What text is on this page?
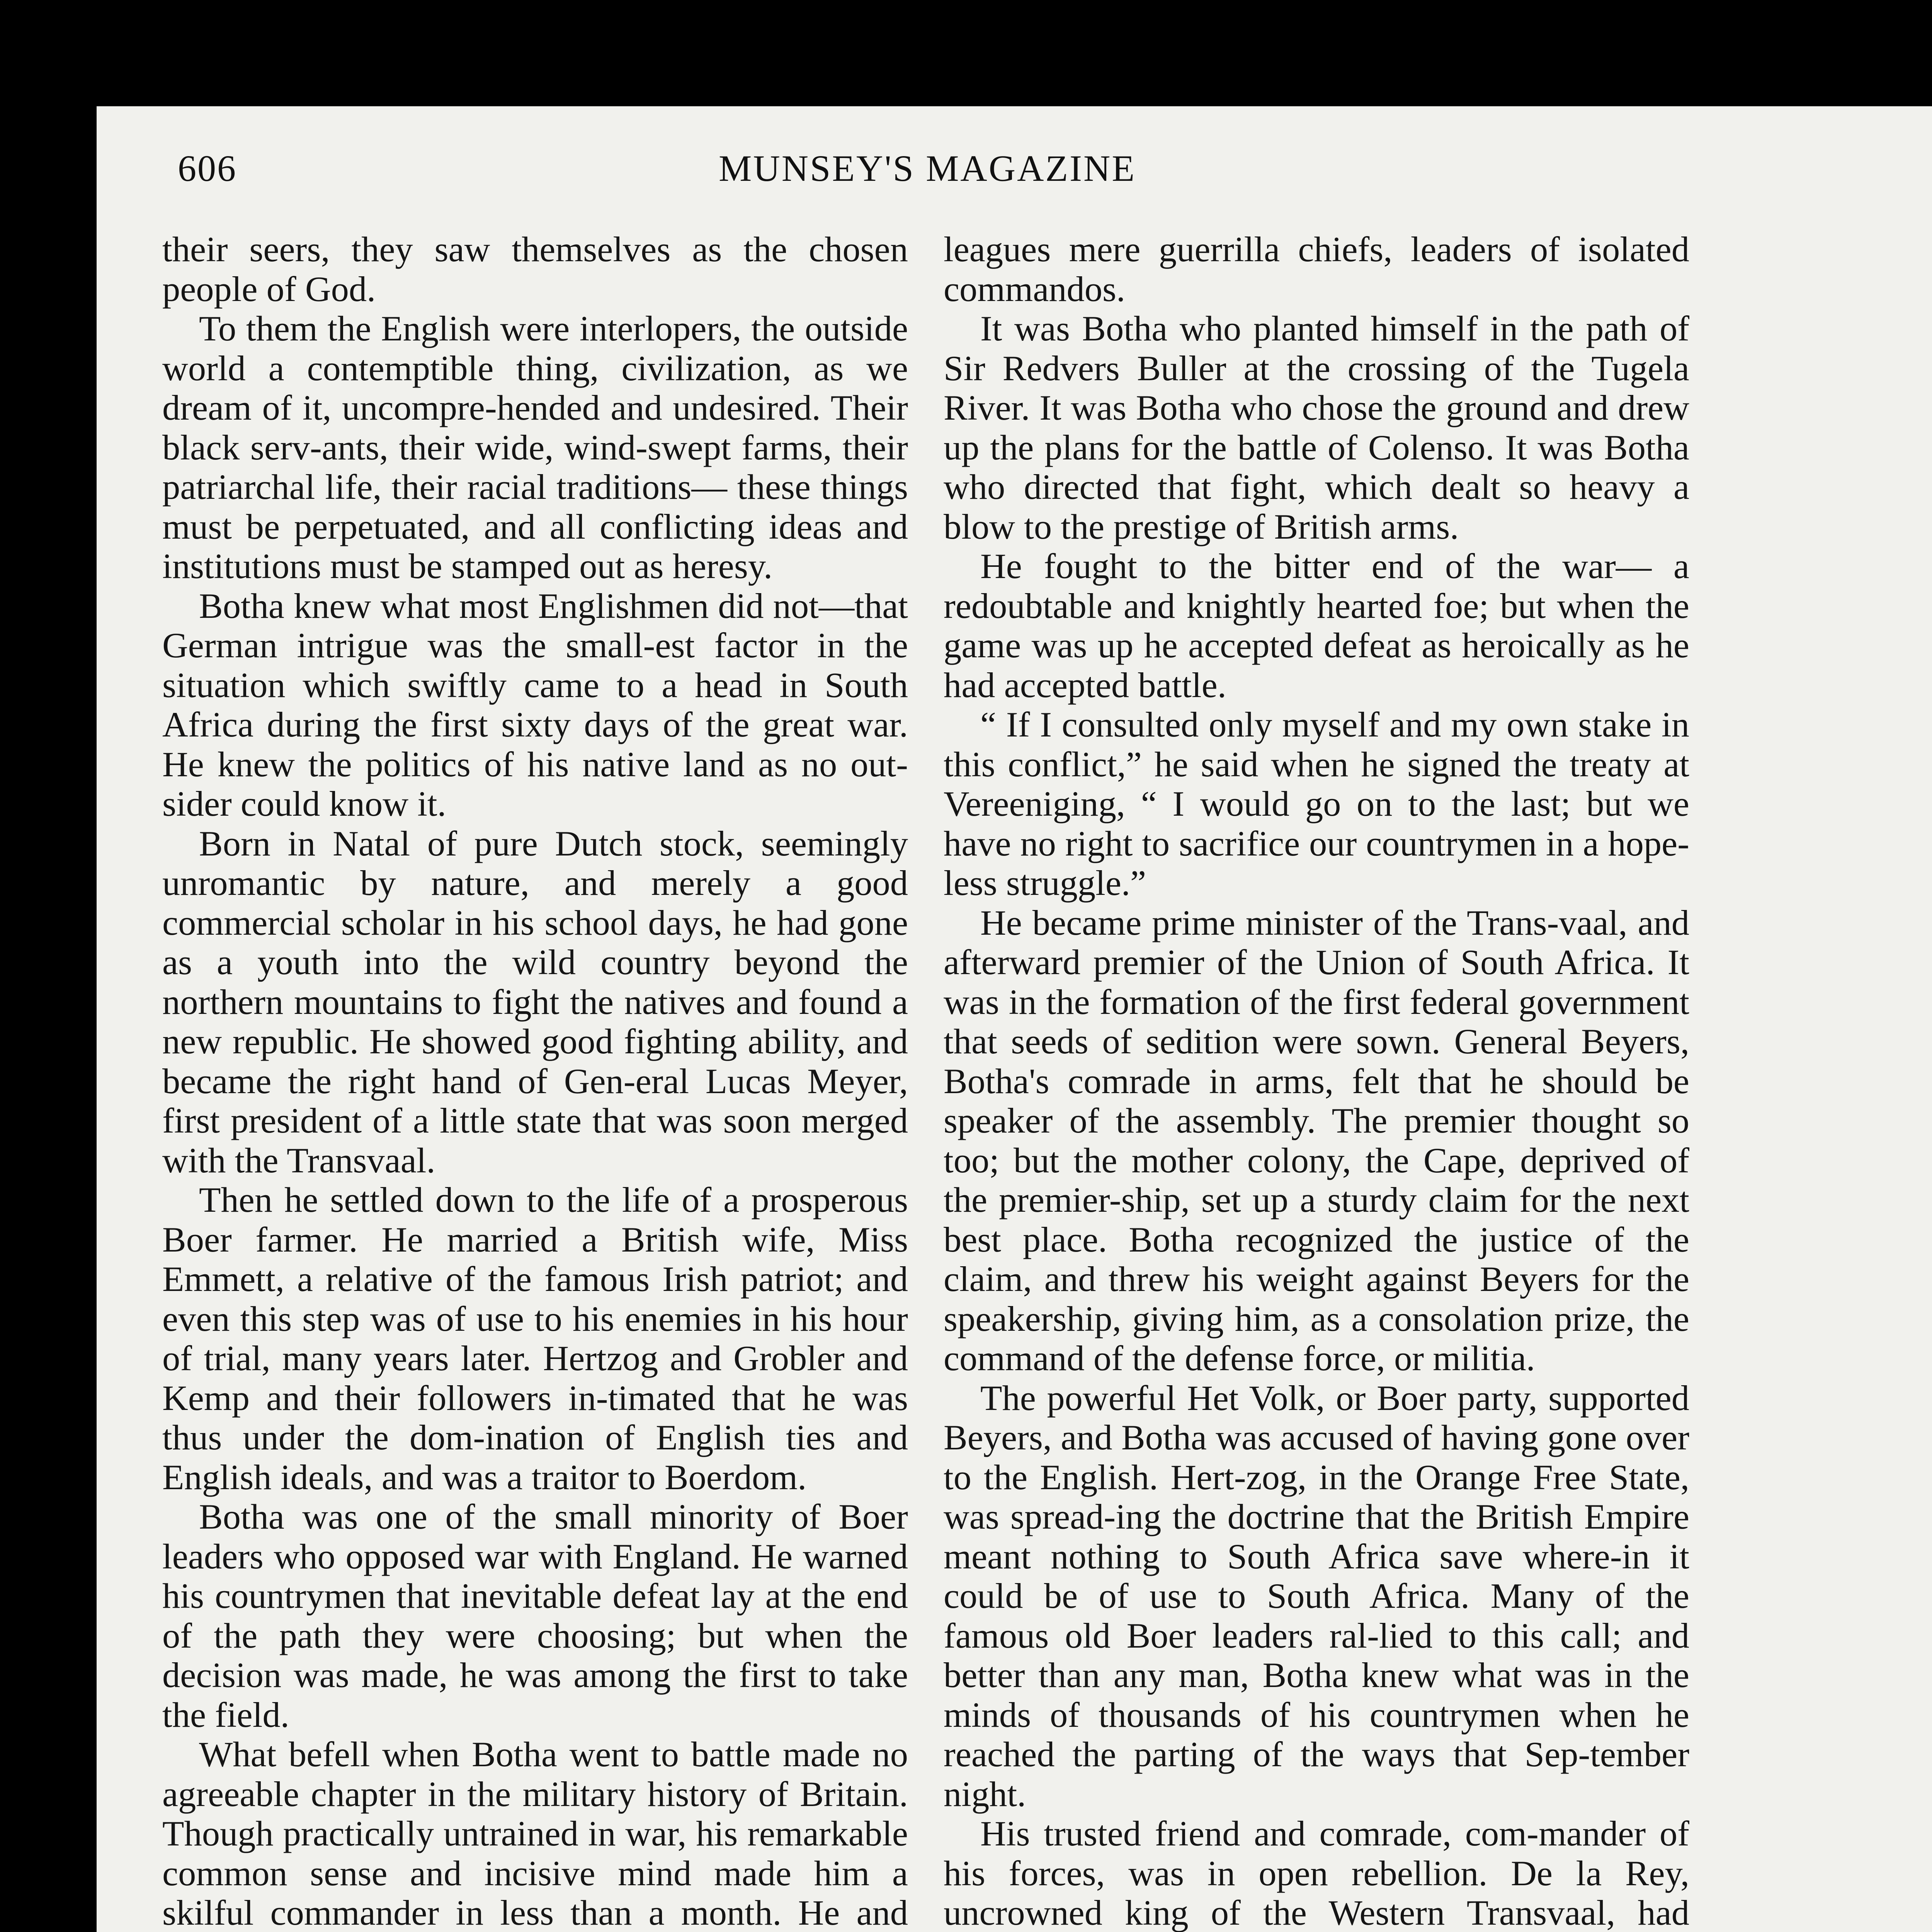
606	MUNSEY'S MAGAZINE

their seers, they saw themselves as the chosen people of God.

To them the English were interlopers, the outside world a contemptible thing, civilization, as we dream of it, uncompre-hended and undesired. Their black serv-ants, their wide, wind-swept farms, their patriarchal life, their racial traditions— these things must be perpetuated, and all conflicting ideas and institutions must be stamped out as heresy.

Botha knew what most Englishmen did not—that German intrigue was the small-est factor in the situation which swiftly came to a head in South Africa during the first sixty days of the great war. He knew the politics of his native land as no out-sider could know it.

Born in Natal of pure Dutch stock, seemingly unromantic by nature, and merely a good commercial scholar in his school days, he had gone as a youth into the wild country beyond the northern mountains to fight the natives and found a new republic. He showed good fighting ability, and became the right hand of Gen-eral Lucas Meyer, first president of a little state that was soon merged with the Transvaal.

Then he settled down to the life of a prosperous Boer farmer. He married a British wife, Miss Emmett, a relative of the famous Irish patriot; and even this step was of use to his enemies in his hour of trial, many years later. Hertzog and Grobler and Kemp and their followers in-timated that he was thus under the dom-ination of English ties and English ideals, and was a traitor to Boerdom.

Botha was one of the small minority of Boer leaders who opposed war with England. He warned his countrymen that inevitable defeat lay at the end of the path they were choosing; but when the decision was made, he was among the first to take the field.

What befell when Botha went to battle made no agreeable chapter in the military history of Britain. Though practically untrained in war, his remarkable common sense and incisive mind made him a skilful commander in less than a month. He and

leagues mere guerrilla chiefs, leaders of isolated commandos.

It was Botha who planted himself in the path of Sir Redvers Buller at the crossing of the Tugela River. It was Botha who chose the ground and drew up the plans for the battle of Colenso. It was Botha who directed that fight, which dealt so heavy a blow to the prestige of British arms.

He fought to the bitter end of the war— a redoubtable and knightly hearted foe; but when the game was up he accepted defeat as heroically as he had accepted battle.

“ If I consulted only myself and my own stake in this conflict,” he said when he signed the treaty at Vereeniging, “ I would go on to the last; but we have no right to sacrifice our countrymen in a hope-less struggle.”

He became prime minister of the Trans-vaal, and afterward premier of the Union of South Africa. It was in the formation of the first federal government that seeds of sedition were sown. General Beyers, Botha's comrade in arms, felt that he should be speaker of the assembly. The premier thought so too; but the mother colony, the Cape, deprived of the premier-ship, set up a sturdy claim for the next best place. Botha recognized the justice of the claim, and threw his weight against Beyers for the speakership, giving him, as a consolation prize, the command of the defense force, or militia.

The powerful Het Volk, or Boer party, supported Beyers, and Botha was accused of having gone over to the English. Hert-zog, in the Orange Free State, was spread-ing the doctrine that the British Empire meant nothing to South Africa save where-in it could be of use to South Africa. Many of the famous old Boer leaders ral-lied to this call; and better than any man, Botha knew what was in the minds of thousands of his countrymen when he reached the parting of the ways that Sep-tember night.

His trusted friend and comrade, com-mander of his forces, was in open rebellion. De la Rey, uncrowned king of the Western Transvaal, had
